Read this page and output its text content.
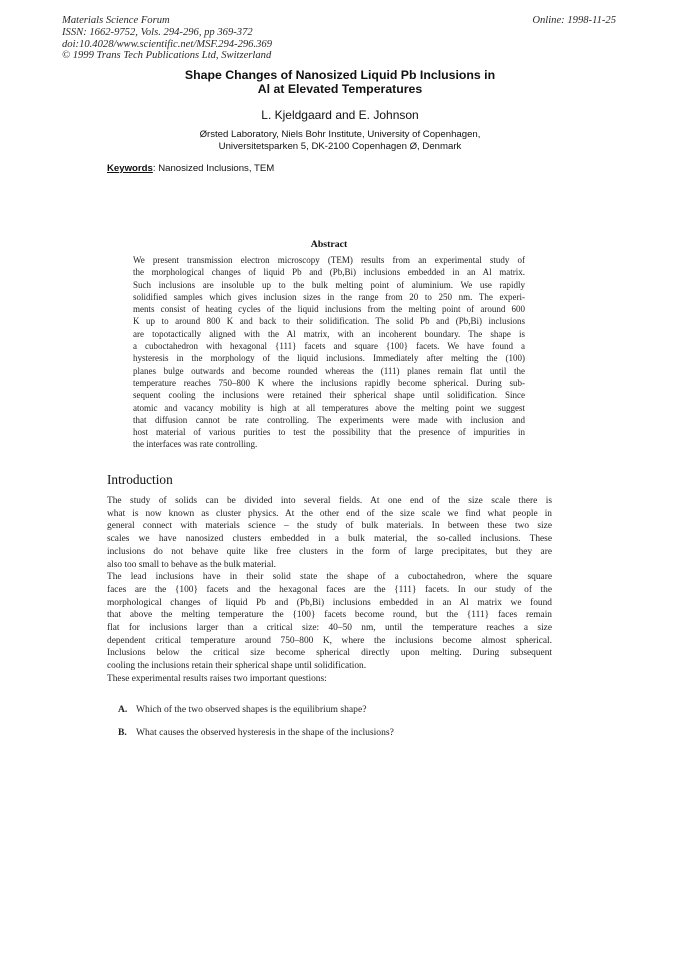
Materials Science Forum
ISSN: 1662-9752, Vols. 294-296, pp 369-372
doi:10.4028/www.scientific.net/MSF.294-296.369
© 1999 Trans Tech Publications Ltd, Switzerland
Online: 1998-11-25
Shape Changes of Nanosized Liquid Pb Inclusions in
Al at Elevated Temperatures
L. Kjeldgaard and E. Johnson
Ørsted Laboratory, Niels Bohr Institute, University of Copenhagen,
Universitetsparken 5, DK-2100 Copenhagen Ø, Denmark
Keywords: Nanosized Inclusions, TEM
Abstract
We present transmission electron microscopy (TEM) results from an experimental study of
the morphological changes of liquid Pb and (Pb,Bi) inclusions embedded in an Al matrix.
Such inclusions are insoluble up to the bulk melting point of aluminium. We use rapidly
solidified samples which gives inclusion sizes in the range from 20 to 250 nm. The experi-
ments consist of heating cycles of the liquid inclusions from the melting point of around 600
K up to around 800 K and back to their solidification. The solid Pb and (Pb,Bi) inclusions
are topotactically aligned with the Al matrix, with an incoherent boundary. The shape is
a cuboctahedron with hexagonal {111} facets and square {100} facets. We have found a
hysteresis in the morphology of the liquid inclusions. Immediately after melting the (100)
planes bulge outwards and become rounded whereas the (111) planes remain flat until the
temperature reaches 750–800 K where the inclusions rapidly become spherical. During sub-
sequent cooling the inclusions were retained their spherical shape until solidification. Since
atomic and vacancy mobility is high at all temperatures above the melting point we suggest
that diffusion cannot be rate controlling. The experiments were made with inclusion and
host material of various purities to test the possibility that the presence of impurities in
the interfaces was rate controlling.
Introduction
The study of solids can be divided into several fields. At one end of the size scale there is
what is now known as cluster physics. At the other end of the size scale we find what people in
general connect with materials science – the study of bulk materials. In between these two size
scales we have nanosized clusters embedded in a bulk material, the so-called inclusions. These
inclusions do not behave quite like free clusters in the form of large precipitates, but they are
also too small to behave as the bulk material.
The lead inclusions have in their solid state the shape of a cuboctahedron, where the square
faces are the {100} facets and the hexagonal faces are the {111} facets. In our study of the
morphological changes of liquid Pb and (Pb,Bi) inclusions embedded in an Al matrix we found
that above the melting temperature the {100} facets become round, but the {111} faces remain
flat for inclusions larger than a critical size: 40–50 nm, until the temperature reaches a size
dependent critical temperature around 750–800 K, where the inclusions become almost spherical.
Inclusions below the critical size become spherical directly upon melting. During subsequent
cooling the inclusions retain their spherical shape until solidification.
These experimental results raises two important questions:
A. Which of the two observed shapes is the equilibrium shape?
B. What causes the observed hysteresis in the shape of the inclusions?
